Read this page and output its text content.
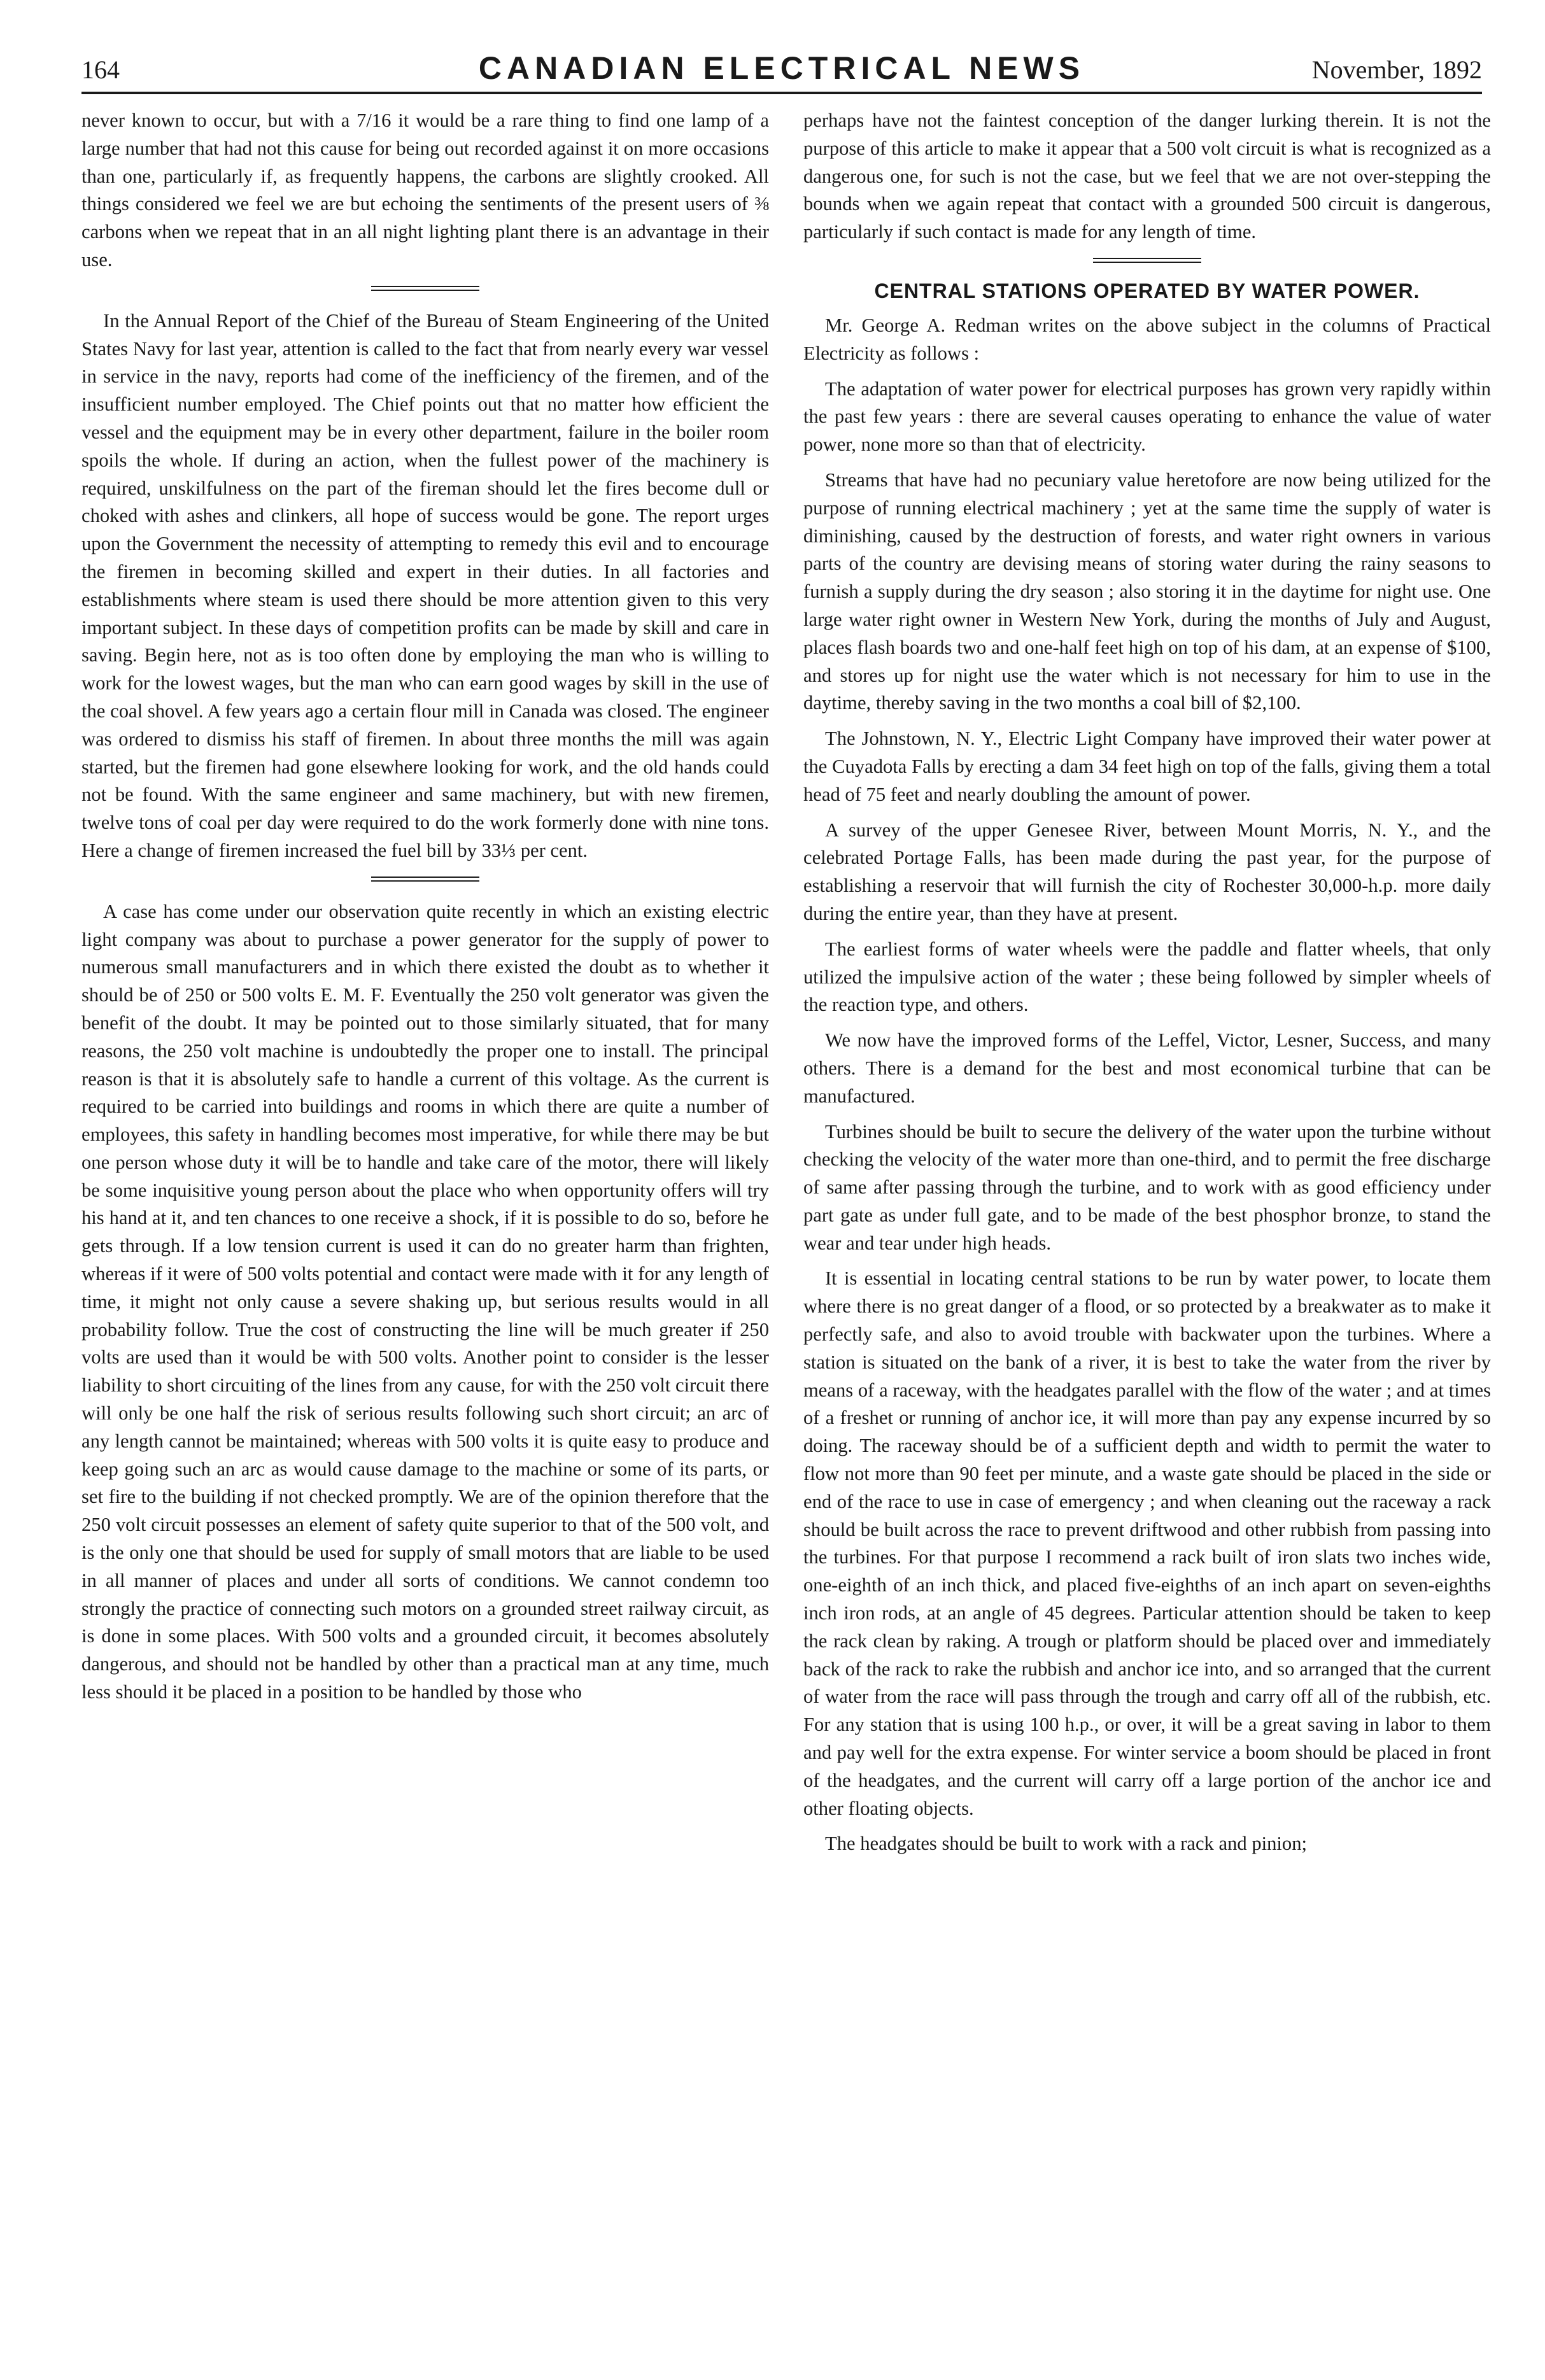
164	CANADIAN ELECTRICAL NEWS	November, 1892

never known to occur, but with a 7/16 it would be a rare thing to find one lamp of a large number that had not this cause for being out recorded against it on more occasions than one, particularly if, as frequently happens, the carbons are slightly crooked. All things considered we feel we are but echoing the sentiments of the present users of ⅜ carbons when we repeat that in an all night lighting plant there is an advantage in their use.

In the Annual Report of the Chief of the Bureau of Steam Engineering of the United States Navy for last year, attention is called to the fact that from nearly every war vessel in service in the navy, reports had come of the inefficiency of the firemen, and of the insufficient number employed. The Chief points out that no matter how efficient the vessel and the equipment may be in every other department, failure in the boiler room spoils the whole. If during an action, when the fullest power of the machinery is required, unskilfulness on the part of the fireman should let the fires become dull or choked with ashes and clinkers, all hope of success would be gone. The report urges upon the Government the necessity of attempting to remedy this evil and to encourage the firemen in becoming skilled and expert in their duties. In all factories and establishments where steam is used there should be more attention given to this very important subject. In these days of competition profits can be made by skill and care in saving. Begin here, not as is too often done by employing the man who is willing to work for the lowest wages, but the man who can earn good wages by skill in the use of the coal shovel. A few years ago a certain flour mill in Canada was closed. The engineer was ordered to dismiss his staff of firemen. In about three months the mill was again started, but the firemen had gone elsewhere looking for work, and the old hands could not be found. With the same engineer and same machinery, but with new firemen, twelve tons of coal per day were required to do the work formerly done with nine tons. Here a change of firemen increased the fuel bill by 33⅓ per cent.

A case has come under our observation quite recently in which an existing electric light company was about to purchase a power generator for the supply of power to numerous small manufacturers and in which there existed the doubt as to whether it should be of 250 or 500 volts E. M. F. Eventually the 250 volt generator was given the benefit of the doubt. It may be pointed out to those similarly situated, that for many reasons, the 250 volt machine is undoubtedly the proper one to install. The principal reason is that it is absolutely safe to handle a current of this voltage. As the current is required to be carried into buildings and rooms in which there are quite a number of employees, this safety in handling becomes most imperative, for while there may be but one person whose duty it will be to handle and take care of the motor, there will likely be some inquisitive young person about the place who when opportunity offers will try his hand at it, and ten chances to one receive a shock, if it is possible to do so, before he gets through. If a low tension current is used it can do no greater harm than frighten, whereas if it were of 500 volts potential and contact were made with it for any length of time, it might not only cause a severe shaking up, but serious results would in all probability follow. True the cost of constructing the line will be much greater if 250 volts are used than it would be with 500 volts. Another point to consider is the lesser liability to short circuiting of the lines from any cause, for with the 250 volt circuit there will only be one half the risk of serious results following such short circuit; an arc of any length cannot be maintained; whereas with 500 volts it is quite easy to produce and keep going such an arc as would cause damage to the machine or some of its parts, or set fire to the building if not checked promptly. We are of the opinion therefore that the 250 volt circuit possesses an element of safety quite superior to that of the 500 volt, and is the only one that should be used for supply of small motors that are liable to be used in all manner of places and under all sorts of conditions. We cannot condemn too strongly the practice of connecting such motors on a grounded street railway circuit, as is done in some places. With 500 volts and a grounded circuit, it becomes absolutely dangerous, and should not be handled by other than a practical man at any time, much less should it be placed in a position to be handled by those who

perhaps have not the faintest conception of the danger lurking therein. It is not the purpose of this article to make it appear that a 500 volt circuit is what is recognized as a dangerous one, for such is not the case, but we feel that we are not over-stepping the bounds when we again repeat that contact with a grounded 500 circuit is dangerous, particularly if such contact is made for any length of time.

CENTRAL STATIONS OPERATED BY WATER POWER.

Mr. George A. Redman writes on the above subject in the columns of Practical Electricity as follows :

The adaptation of water power for electrical purposes has grown very rapidly within the past few years : there are several causes operating to enhance the value of water power, none more so than that of electricity.

Streams that have had no pecuniary value heretofore are now being utilized for the purpose of running electrical machinery ; yet at the same time the supply of water is diminishing, caused by the destruction of forests, and water right owners in various parts of the country are devising means of storing water during the rainy seasons to furnish a supply during the dry season ; also storing it in the daytime for night use. One large water right owner in Western New York, during the months of July and August, places flash boards two and one-half feet high on top of his dam, at an expense of $100, and stores up for night use the water which is not necessary for him to use in the daytime, thereby saving in the two months a coal bill of $2,100.

The Johnstown, N. Y., Electric Light Company have improved their water power at the Cuyadota Falls by erecting a dam 34 feet high on top of the falls, giving them a total head of 75 feet and nearly doubling the amount of power.

A survey of the upper Genesee River, between Mount Morris, N. Y., and the celebrated Portage Falls, has been made during the past year, for the purpose of establishing a reservoir that will furnish the city of Rochester 30,000-h.p. more daily during the entire year, than they have at present.

The earliest forms of water wheels were the paddle and flatter wheels, that only utilized the impulsive action of the water ; these being followed by simpler wheels of the reaction type, and others.

We now have the improved forms of the Leffel, Victor, Lesner, Success, and many others. There is a demand for the best and most economical turbine that can be manufactured.

Turbines should be built to secure the delivery of the water upon the turbine without checking the velocity of the water more than one-third, and to permit the free discharge of same after passing through the turbine, and to work with as good efficiency under part gate as under full gate, and to be made of the best phosphor bronze, to stand the wear and tear under high heads.

It is essential in locating central stations to be run by water power, to locate them where there is no great danger of a flood, or so protected by a breakwater as to make it perfectly safe, and also to avoid trouble with backwater upon the turbines. Where a station is situated on the bank of a river, it is best to take the water from the river by means of a raceway, with the headgates parallel with the flow of the water ; and at times of a freshet or running of anchor ice, it will more than pay any expense incurred by so doing. The raceway should be of a sufficient depth and width to permit the water to flow not more than 90 feet per minute, and a waste gate should be placed in the side or end of the race to use in case of emergency ; and when cleaning out the raceway a rack should be built across the race to prevent driftwood and other rubbish from passing into the turbines. For that purpose I recommend a rack built of iron slats two inches wide, one-eighth of an inch thick, and placed five-eighths of an inch apart on seven-eighths inch iron rods, at an angle of 45 degrees. Particular attention should be taken to keep the rack clean by raking. A trough or platform should be placed over and immediately back of the rack to rake the rubbish and anchor ice into, and so arranged that the current of water from the race will pass through the trough and carry off all of the rubbish, etc. For any station that is using 100 h.p., or over, it will be a great saving in labor to them and pay well for the extra expense. For winter service a boom should be placed in front of the headgates, and the current will carry off a large portion of the anchor ice and other floating objects.

The headgates should be built to work with a rack and pinion;
